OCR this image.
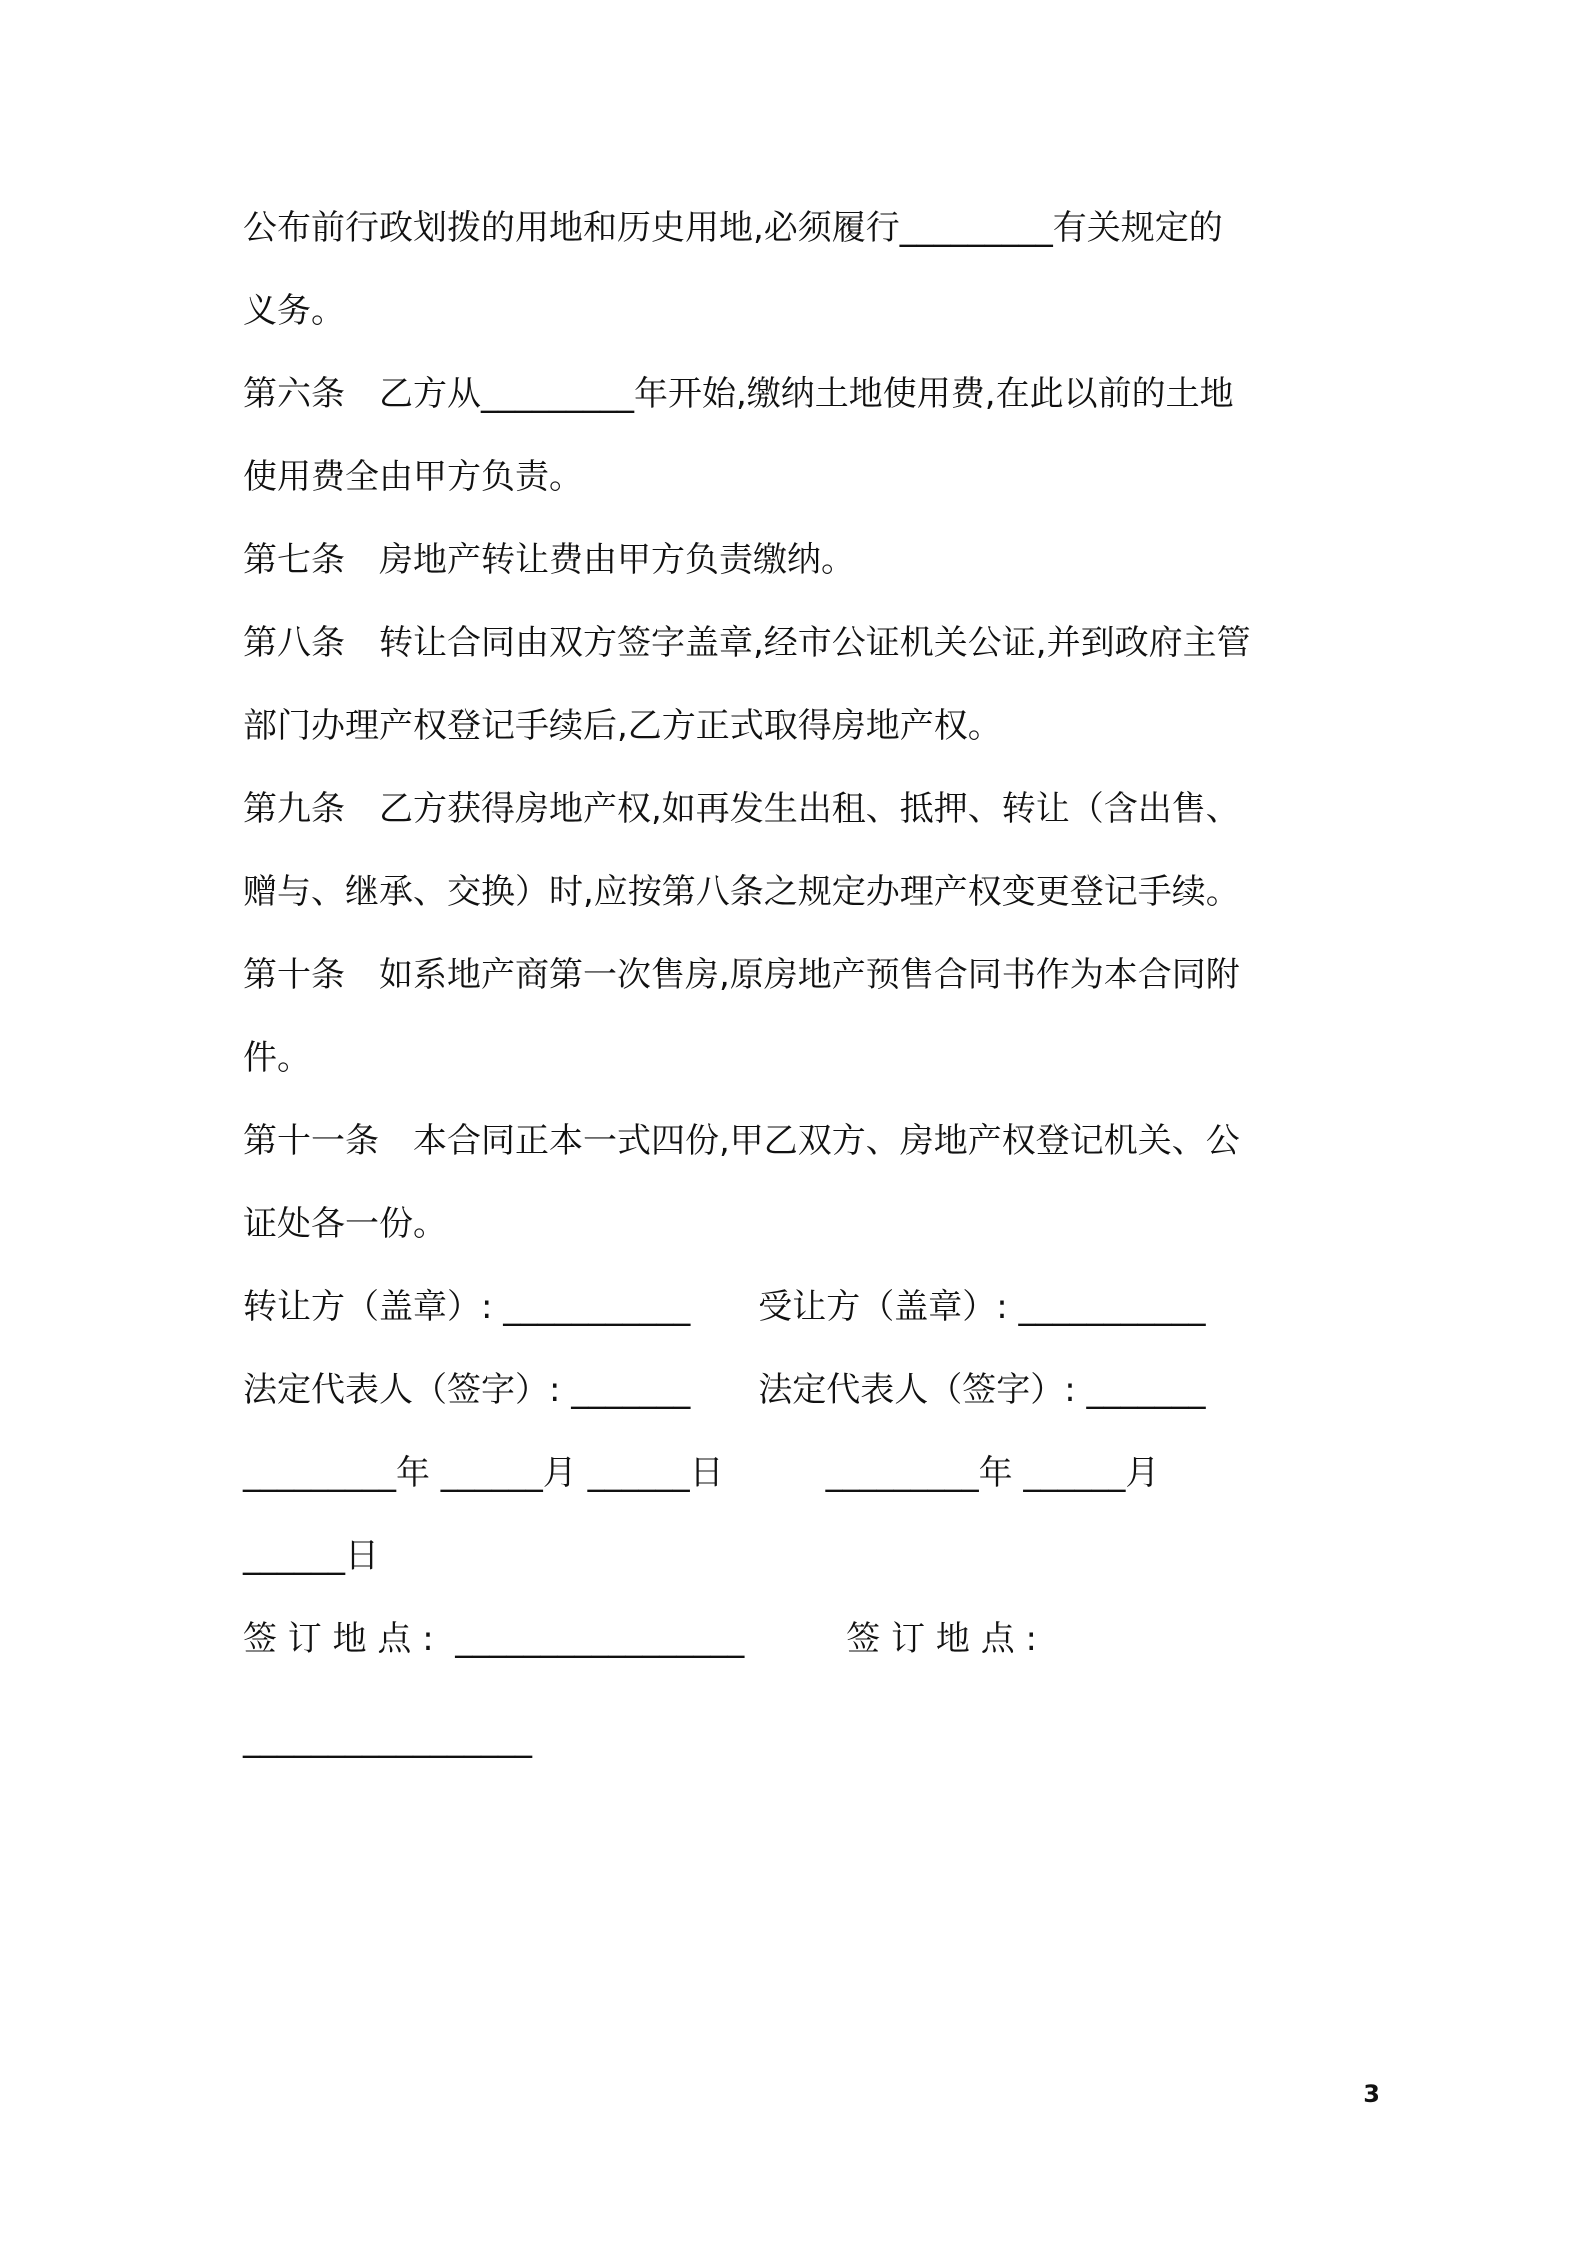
公布前行政划拨的用地和历史用地,必须履行_________有关规定的
义务。
第六条　乙方从_________年开始,缴纳土地使用费,在此以前的土地
使用费全由甲方负责。
第七条　房地产转让费由甲方负责缴纳。
第八条　转让合同由双方签字盖章,经市公证机关公证,并到政府主管
部门办理产权登记手续后,乙方正式取得房地产权。
第九条　乙方获得房地产权,如再发生出租、抵押、转让（含出售、
赠与、继承、交换）时,应按第八条之规定办理产权变更登记手续。
第十条　如系地产商第一次售房,原房地产预售合同书作为本合同附
件。
第十一条　本合同正本一式四份,甲乙双方、房地产权登记机关、公
证处各一份。
转让方（盖章）: ___________　　受让方（盖章）: ___________
法定代表人（签字）: _______　　法定代表人（签字）: _______
_________年 ______月 ______日　　　_________年 ______月
______日
签 订 地 点 :  _________________　　　签 订 地 点 :
_________________
3
